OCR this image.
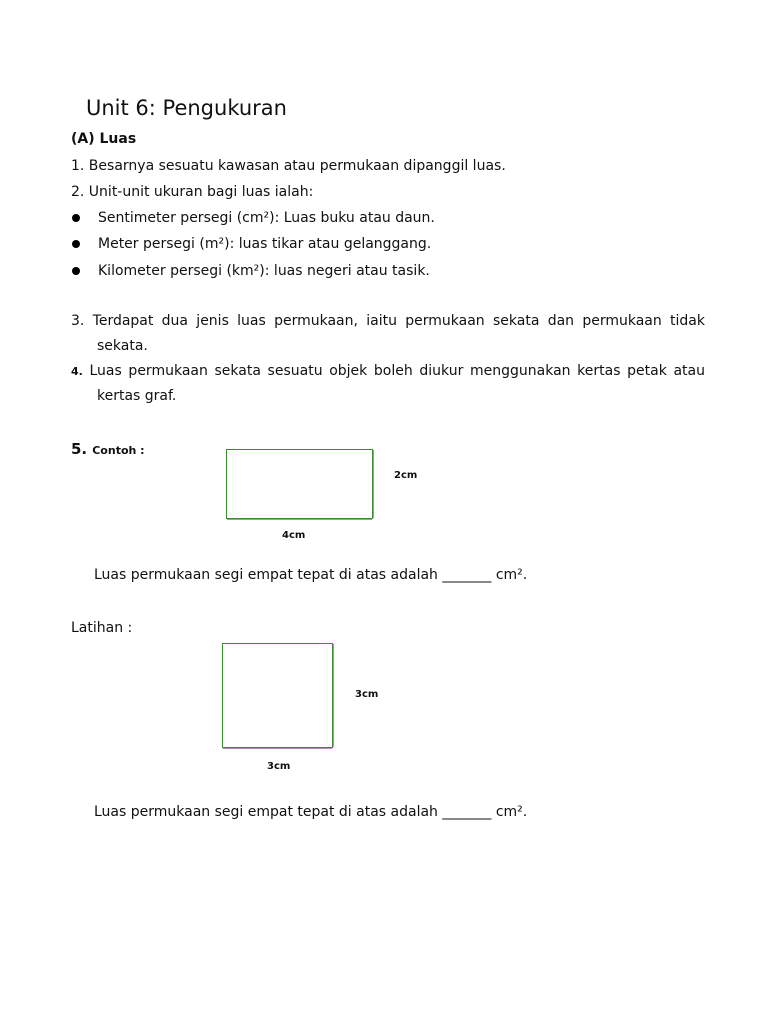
Unit 6: Pengukuran
(A) Luas
1. Besarnya sesuatu kawasan atau permukaan dipanggil luas.
2. Unit-unit ukuran bagi luas ialah:
Sentimeter persegi (cm²): Luas buku atau daun.
Meter persegi (m²): luas tikar atau gelanggang.
Kilometer persegi (km²): luas negeri atau tasik.
3. Terdapat dua jenis luas permukaan, iaitu permukaan sekata dan permukaan tidak
sekata.
4. Luas permukaan sekata sesuatu objek boleh diukur menggunakan kertas petak atau
kertas graf.
5. Contoh :
2cm
4cm
Luas permukaan segi empat tepat di atas adalah _______ cm².
Latihan :
3cm
3cm
Luas permukaan segi empat tepat di atas adalah _______ cm².
